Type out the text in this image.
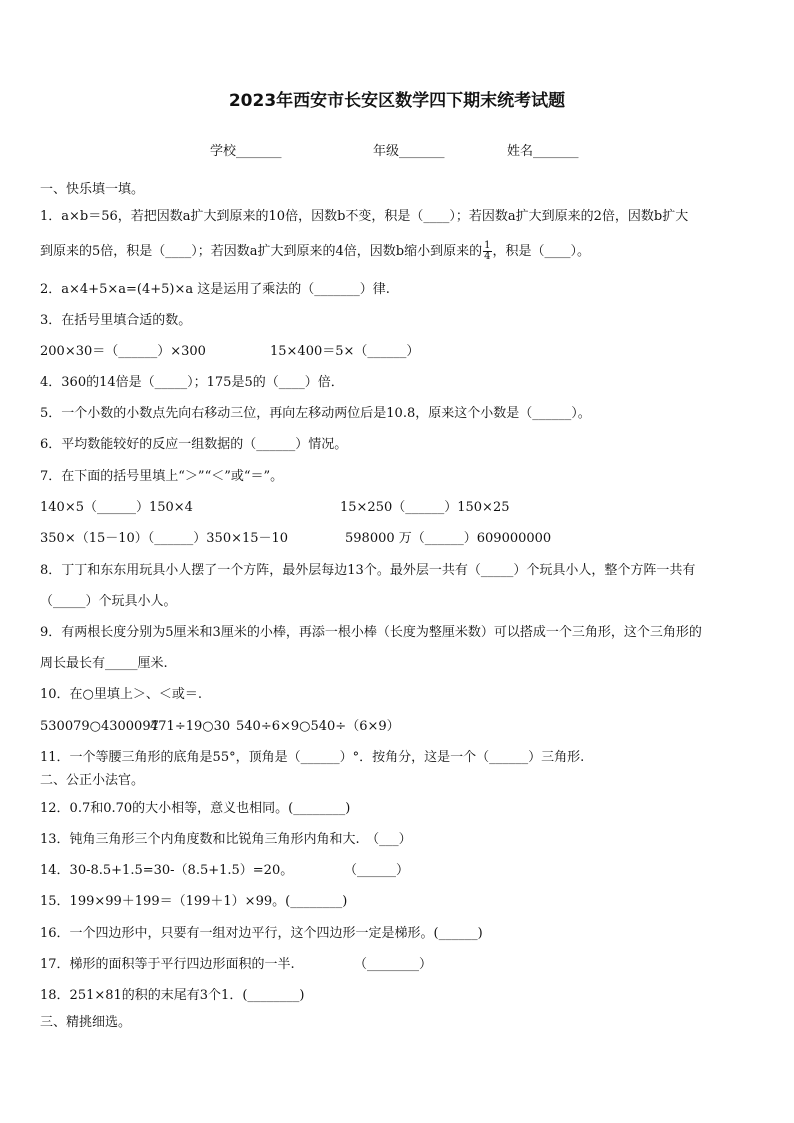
2023年西安市长安区数学四下期末统考试题
学校_______	年级_______	姓名_______
一、快乐填一填。
1．a×b＝56，若把因数a扩大到原来的10倍，因数b不变，积是（____）；若因数a扩大到原来的2倍，因数b扩大
到原来的5倍，积是（____）；若因数a扩大到原来的4倍，因数b缩小到原来的 $\frac{1}{4}$ ，积是（____）。
2．a×4+5×a=(4+5)×a 这是运用了乘法的（_______）律.
3．在括号里填合适的数。
200×30＝（______）×300	15×400＝5×（______）
4．360的14倍是（_____）；175是5的（____）倍．
5．一个小数的小数点先向右移动三位，再向左移动两位后是10.8，原来这个小数是（______）。
6．平均数能较好的反应一组数据的（______）情况。
7．在下面的括号里填上“＞”“＜”或“＝”。
140×5（______）150×4	15×250（______）150×25
350×（15－10）（______）350×15－10	598000 万（______）609000000
8．丁丁和东东用玩具小人摆了一个方阵，最外层每边13个。最外层一共有（_____）个玩具小人，整个方阵一共有
（_____）个玩具小人。
9．有两根长度分别为5厘米和3厘米的小棒，再添一根小棒（长度为整厘米数）可以搭成一个三角形，这个三角形的
周长最长有_____厘米.
10．在○里填上＞、＜或＝.
530079○4300097
471÷19○30 540÷6×9○540÷（6×9）
11．一个等腰三角形的底角是55°，顶角是（______）°．按角分，这是一个（______）三角形.
二、公正小法官。
12．0.7和0.70的大小相等，意义也相同。(________)
13．钝角三角形三个内角度数和比锐角三角形内角和大.　（___）
14．30-8.5+1.5=30-（8.5+1.5）=20。	（______）
15．199×99＋199＝（199＋1）×99。(________)
16．一个四边形中，只要有一组对边平行，这个四边形一定是梯形。(______)
17．梯形的面积等于平行四边形面积的一半.	（________）
18．251×81的积的末尾有3个1．(________)
三、精挑细选。
